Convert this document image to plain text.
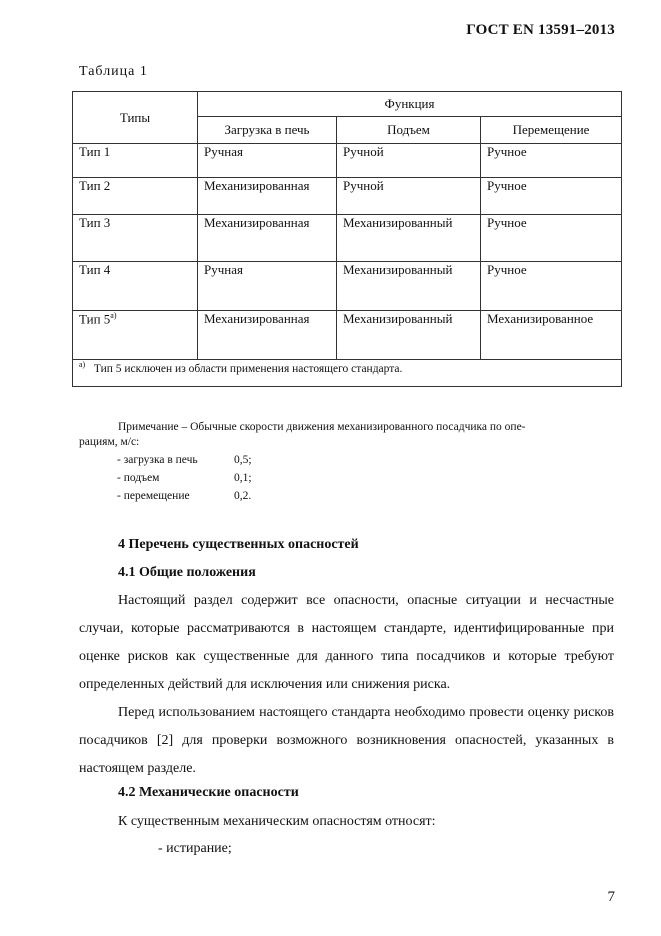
ГОСТ EN 13591–2013
Таблица 1
Типы	Функция		
	Загрузка в печь	Подъем	Перемещение
Тип 1	Ручная	Ручной	Ручное
Тип 2	Механизированная	Ручной	Ручное
Тип 3	Механизированная	Механизированный	Ручное
Тип 4	Ручная	Механизированный	Ручное
Тип $5^{а)}$	Механизированная	Механизированный	Механизированное
$^{а)}$ Тип 5 исключен из области применения настоящего стандарта.			
Примечание – Обычные скорости движения механизированного посадчика по опе-
рациям, м/с:
- загрузка в печь	0,5;
- подъем	0,1;
- перемещение	0,2.
4 Перечень существенных опасностей
4.1 Общие положения

Настоящий раздел содержит все опасности, опасные ситуации и несчастные случаи, которые рассматриваются в настоящем стандарте, идентифицированные при оценке рисков как существенные для данного типа посадчиков и которые требуют определенных действий для исключения или снижения риска.

Перед использованием настоящего стандарта необходимо провести оценку рисков посадчиков [2] для проверки возможного возникновения опасностей, указанных в настоящем разделе.

4.2 Механические опасности

К существенным механическим опасностям относят:

- истирание;
7
